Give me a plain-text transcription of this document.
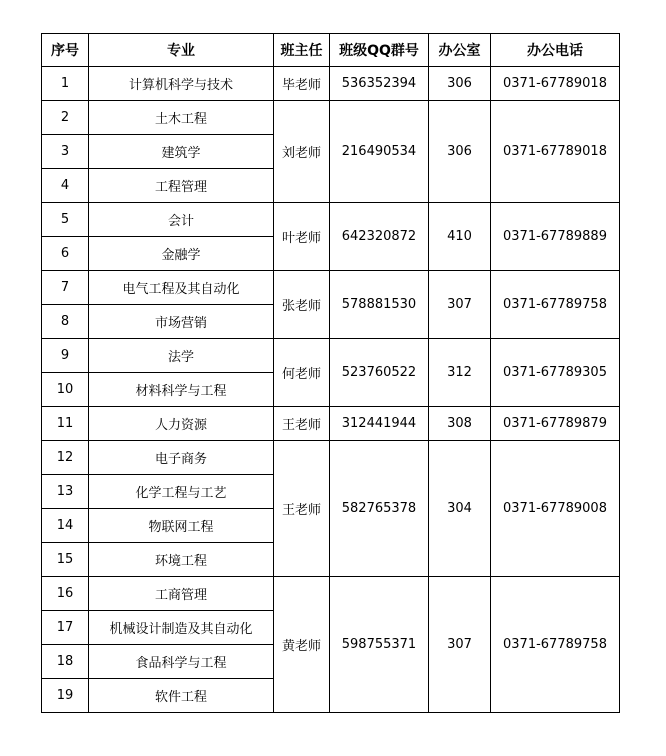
序号	专业	班主任	班级QQ群号	办公室	办公电话
1	计算机科学与技术	毕老师	536352394	306	0371-67789018
2	土木工程	刘老师	216490534	306	0371-67789018
3	建筑学				
4	工程管理				
5	会计	叶老师	642320872	410	0371-67789889
6	金融学				
7	电气工程及其自动化	张老师	578881530	307	0371-67789758
8	市场营销				
9	法学	何老师	523760522	312	0371-67789305
10	材料科学与工程				
11	人力资源	王老师	312441944	308	0371-67789879
12	电子商务	王老师	582765378	304	0371-67789008
13	化学工程与工艺				
14	物联网工程				
15	环境工程				
16	工商管理	黄老师	598755371	307	0371-67789758
17	机械设计制造及其自动化				
18	食品科学与工程				
19	软件工程				
